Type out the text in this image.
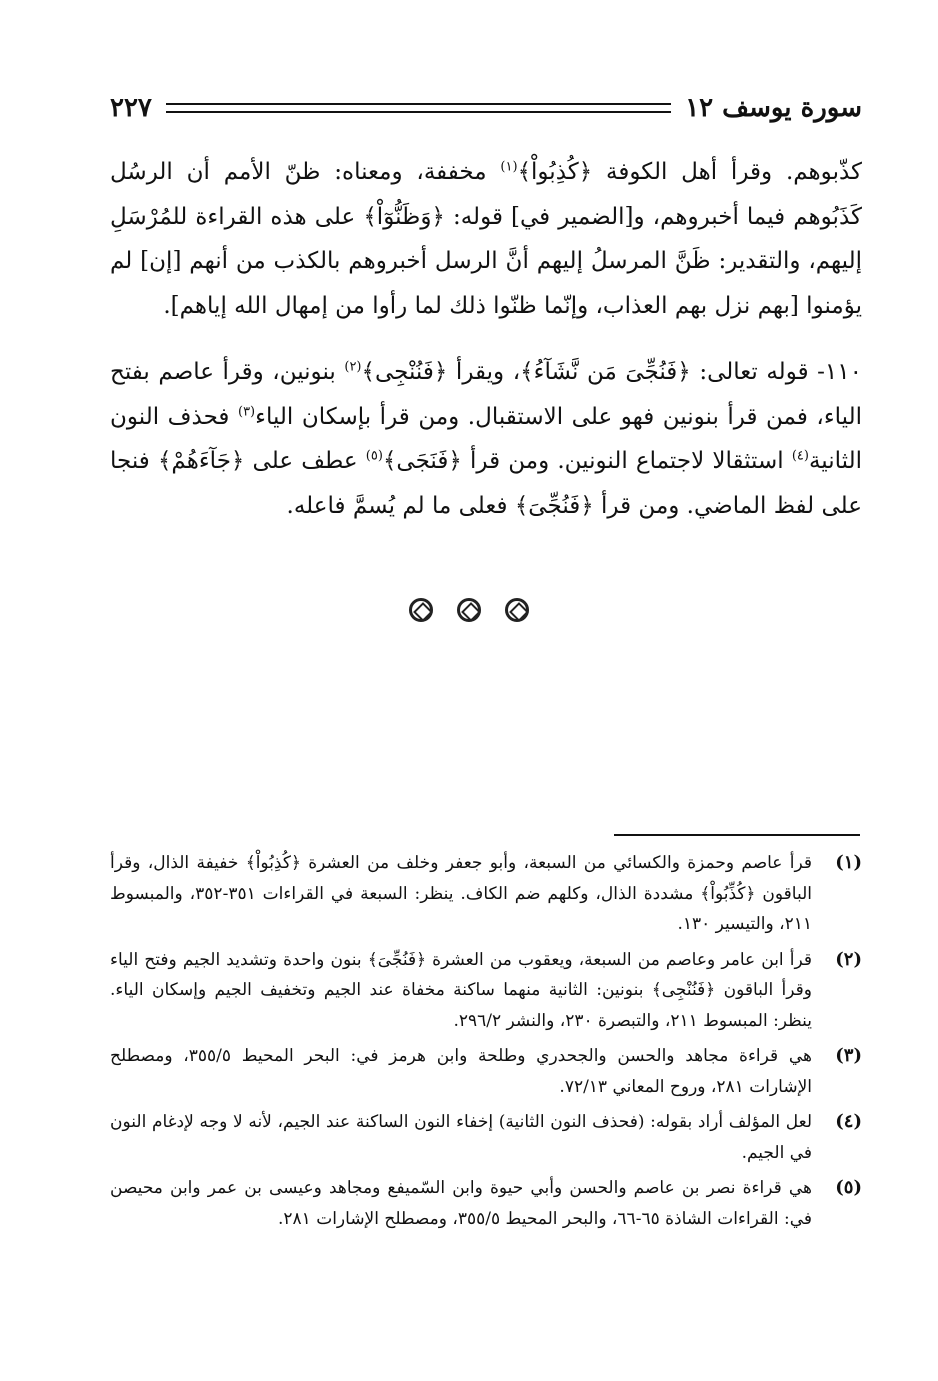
سورة يوسف ١٢
٢٢٧

كذّبوهم. وقرأ أهل الكوفة ﴿كُذِبُواْ﴾$^{(١)}$ مخففة، ومعناه: ظنّ الأمم أن الرسُل كَذَبُوهم فيما أخبروهم، و[الضمير في] قوله: ﴿وَظَنُّوٓاْ﴾ على هذه القراءة للمُرْسَلِ إليهم، والتقدير: ظَنَّ المرسلُ إليهم أنَّ الرسل أخبروهم بالكذب من أنهم [إن] لم يؤمنوا [بهم نزل بهم العذاب، وإنّما ظنّوا ذلك لما رأوا من إمهال الله إياهم].

١١٠- قوله تعالى: ﴿فَنُجِّىَ مَن نَّشَآءُ﴾، ويقرأ ﴿فَنُنْجِى﴾$^{(٢)}$ بنونين، وقرأ عاصم بفتح الياء، فمن قرأ بنونين فهو على الاستقبال. ومن قرأ بإسكان الياء$^{(٣)}$ فحذف النون الثانية$^{(٤)}$ استثقالا لاجتماع النونين. ومن قرأ ﴿فَنَجَى﴾$^{(٥)}$ عطف على ﴿جَآءَهُمْ﴾ فنجا على لفظ الماضي. ومن قرأ ﴿فَنُجِّىَ﴾ فعلى ما لم يُسمَّ فاعله.

(١)
قرأ عاصم وحمزة والكسائي من السبعة، وأبو جعفر وخلف من العشرة ﴿كُذِبُواْ﴾ خفيفة الذال، وقرأ الباقون ﴿كُذِّبُواْ﴾ مشددة الذال، وكلهم ضم الكاف. ينظر: السبعة في القراءات ٣٥١-٣٥٢، والمبسوط ٢١١، والتيسير ١٣٠.
(٢)
قرأ ابن عامر وعاصم من السبعة، ويعقوب من العشرة ﴿فَنُجِّىَ﴾ بنون واحدة وتشديد الجيم وفتح الياء وقرأ الباقون ﴿فَنُنْجِى﴾ بنونين: الثانية منهما ساكنة مخفاة عند الجيم وتخفيف الجيم وإسكان الياء. ينظر: المبسوط ٢١١، والتبصرة ٢٣٠، والنشر ٢٩٦/٢.
(٣)
هي قراءة مجاهد والحسن والجحدري وطلحة وابن هرمز في: البحر المحيط ٣٥٥/٥، ومصطلح الإشارات ٢٨١، وروح المعاني ٧٢/١٣.
(٤)
لعل المؤلف أراد بقوله: (فحذف النون الثانية) إخفاء النون الساكنة عند الجيم، لأنه لا وجه لإدغام النون في الجيم.
(٥)
هي قراءة نصر بن عاصم والحسن وأبي حيوة وابن السّميفع ومجاهد وعيسى بن عمر وابن محيصن في: القراءات الشاذة ٦٥-٦٦، والبحر المحيط ٣٥٥/٥، ومصطلح الإشارات ٢٨١.
